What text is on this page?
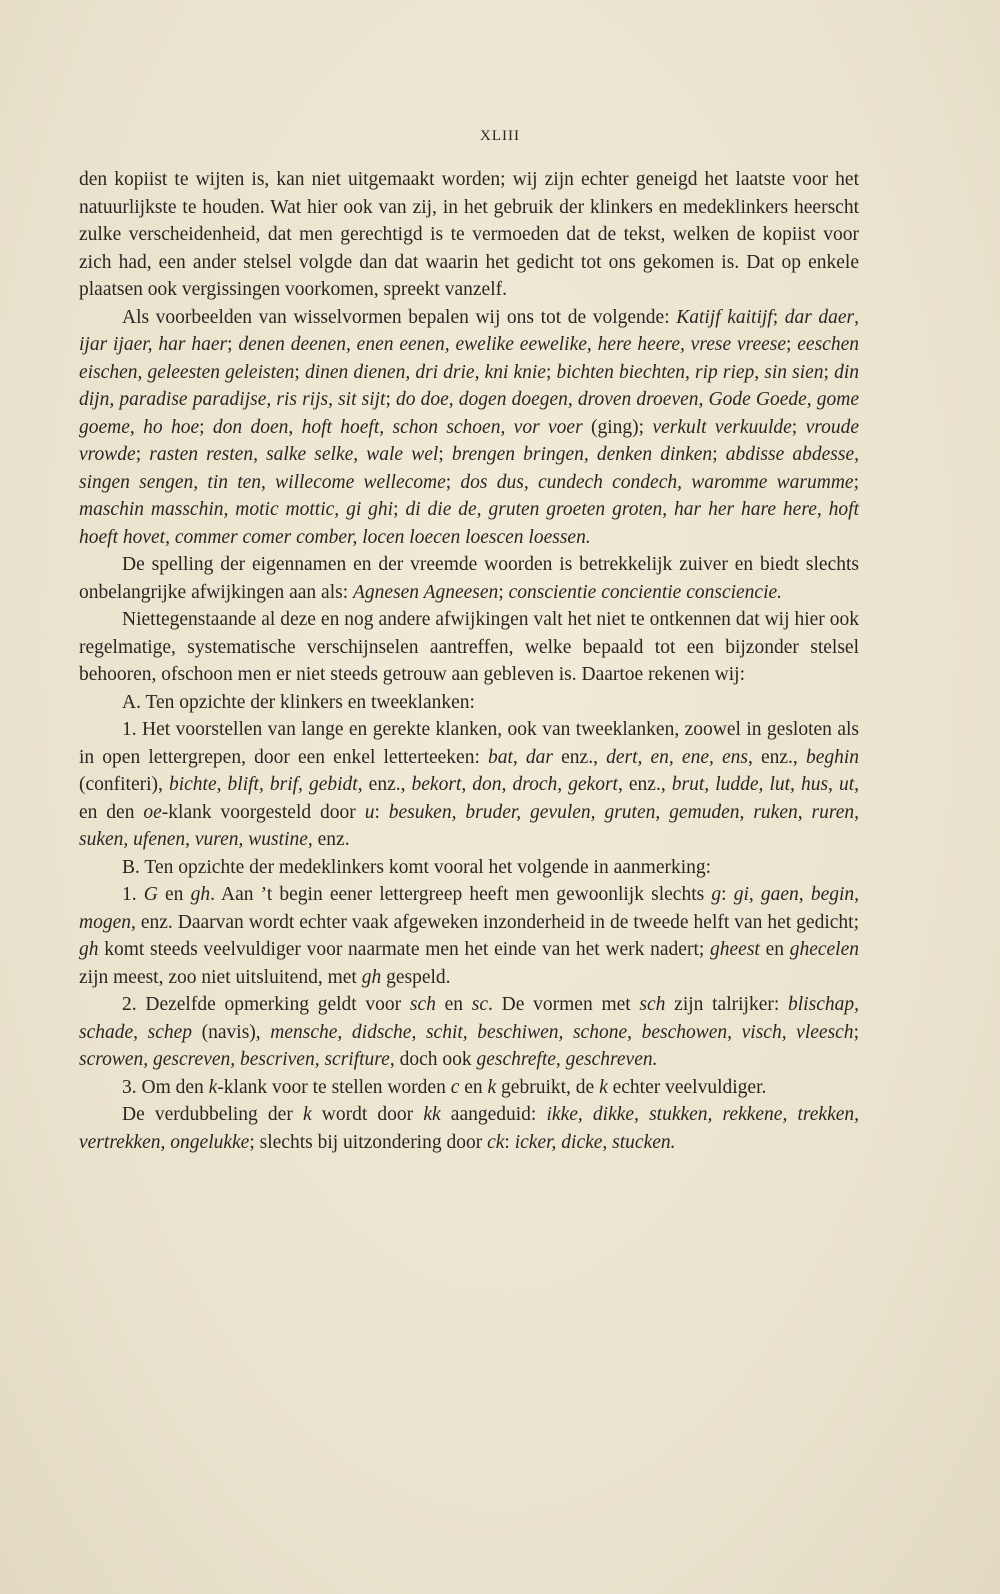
XLIII

den kopiist te wijten is, kan niet uitgemaakt worden; wij zijn echter geneigd het laatste voor het natuurlijkste te houden. Wat hier ook van zij, in het gebruik der klinkers en medeklinkers heerscht zulke verscheidenheid, dat men gerechtigd is te vermoeden dat de tekst, welken de kopiist voor zich had, een ander stelsel volgde dan dat waarin het gedicht tot ons gekomen is. Dat op enkele plaatsen ook vergissingen voorkomen, spreekt vanzelf.

Als voorbeelden van wisselvormen bepalen wij ons tot de volgende: Katijf kaitijf; dar daer, ijar ijaer, har haer; denen deenen, enen eenen, ewelike eewelike, here heere, vrese vreese; eeschen eischen, geleesten geleisten; dinen dienen, dri drie, kni knie; bichten biechten, rip riep, sin sien; din dijn, paradise paradijse, ris rijs, sit sijt; do doe, dogen doegen, droven droeven, Gode Goede, gome goeme, ho hoe; don doen, hoft hoeft, schon schoen, vor voer (ging); verkult verkuulde; vroude vrowde; rasten resten, salke selke, wale wel; brengen bringen, denken dinken; abdisse abdesse, singen sengen, tin ten, willecome wellecome; dos dus, cundech condech, waromme warumme; maschin masschin, motic mottic, gi ghi; di die de, gruten groeten groten, har her hare here, hoft hoeft hovet, commer comer comber, locen loecen loescen loessen.

De spelling der eigennamen en der vreemde woorden is betrekkelijk zuiver en biedt slechts onbelangrijke afwijkingen aan als: Agnesen Agneesen; conscientie concientie consciencie.

Niettegenstaande al deze en nog andere afwijkingen valt het niet te ontkennen dat wij hier ook regelmatige, systematische verschijnselen aantreffen, welke bepaald tot een bijzonder stelsel behooren, ofschoon men er niet steeds getrouw aan gebleven is. Daartoe rekenen wij:

A. Ten opzichte der klinkers en tweeklanken:

1. Het voorstellen van lange en gerekte klanken, ook van tweeklanken, zoowel in gesloten als in open lettergrepen, door een enkel letterteeken: bat, dar enz., dert, en, ene, ens, enz., beghin (confiteri), bichte, blift, brif, gebidt, enz., bekort, don, droch, gekort, enz., brut, ludde, lut, hus, ut, en den oe-klank voorgesteld door u: besuken, bruder, gevulen, gruten, gemuden, ruken, ruren, suken, ufenen, vuren, wustine, enz.

B. Ten opzichte der medeklinkers komt vooral het volgende in aanmerking:

1. G en gh. Aan ’t begin eener lettergreep heeft men gewoonlijk slechts g: gi, gaen, begin, mogen, enz. Daarvan wordt echter vaak afgeweken inzonderheid in de tweede helft van het gedicht; gh komt steeds veelvuldiger voor naarmate men het einde van het werk nadert; gheest en ghecelen zijn meest, zoo niet uitsluitend, met gh gespeld.

2. Dezelfde opmerking geldt voor sch en sc. De vormen met sch zijn talrijker: blischap, schade, schep (navis), mensche, didsche, schit, beschiwen, schone, beschowen, visch, vleesch; scrowen, gescreven, bescriven, scrifture, doch ook geschrefte, geschreven.

3. Om den k-klank voor te stellen worden c en k gebruikt, de k echter veelvuldiger.

De verdubbeling der k wordt door kk aangeduid: ikke, dikke, stukken, rekkene, trekken, vertrekken, ongelukke; slechts bij uitzondering door ck: icker, dicke, stucken.
